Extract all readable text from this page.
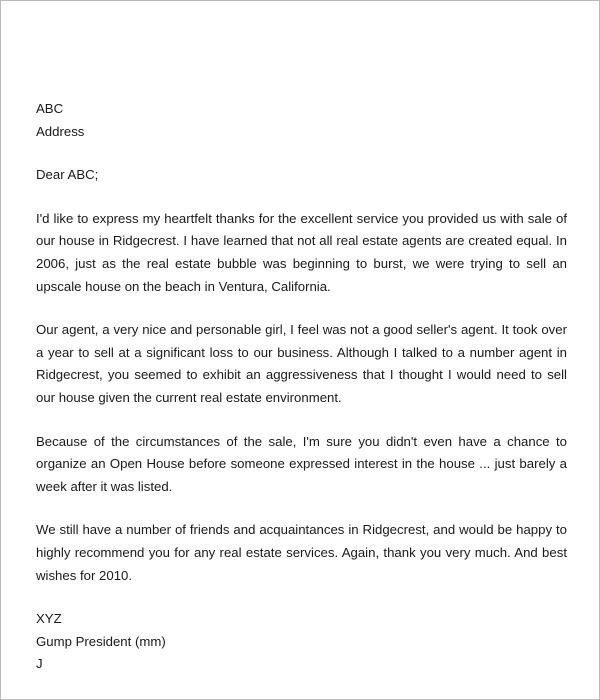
ABC
Address

Dear ABC;

I'd like to express my heartfelt thanks for the excellent service you provided us with sale of our house in Ridgecrest. I have learned that not all real estate agents are created equal. In 2006, just as the real estate bubble was beginning to burst, we were trying to sell an upscale house on the beach in Ventura, California.

Our agent, a very nice and personable girl, I feel was not a good seller's agent. It took over a year to sell at a significant loss to our business. Although I talked to a number agent in Ridgecrest, you seemed to exhibit an aggressiveness that I thought I would need to sell our house given the current real estate environment.

Because of the circumstances of the sale, I'm sure you didn't even have a chance to organize an Open House before someone expressed interest in the house ... just barely a week after it was listed.

We still have a number of friends and acquaintances in Ridgecrest, and would be happy to highly recommend you for any real estate services. Again, thank you very much. And best wishes for 2010.

XYZ
Gump President (mm)
J
